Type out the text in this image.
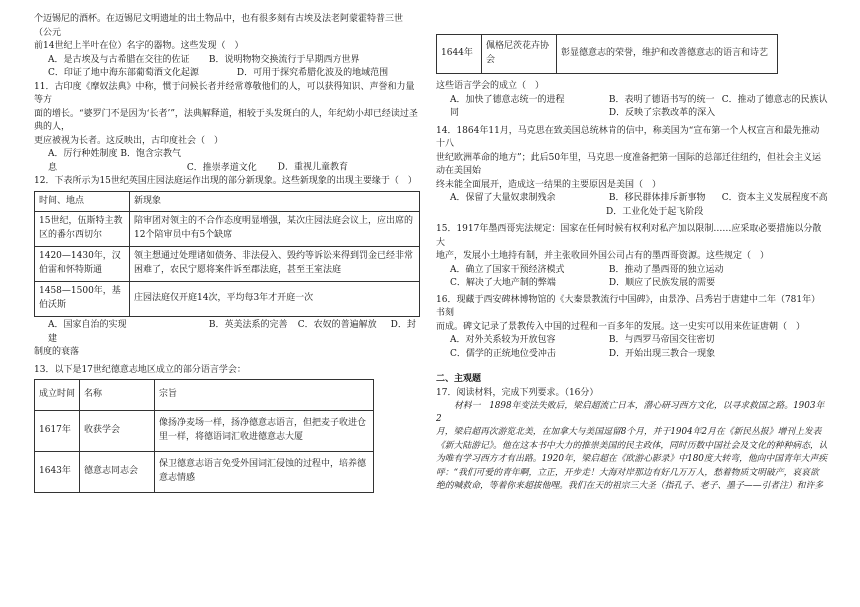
个迈锡尼的酒杯。在迈锡尼文明遗址的出土物品中，也有很多刻有古埃及法老阿蒙霍特普三世（公元

前14世纪上半叶在位）名字的器物。这些发现（　）

A．是古埃及与古希腊在交往的佐证 B．说明物物交换流行于早期西方世界
C．印证了地中海东部葡萄酒文化起源	D．可用于探究希腊化波及的地域范围

11．古印度《摩奴法典》中称，惯于问候长者并经常尊敬他们的人，可以获得知识、声誉和力量等方

面的增长。“婆罗门不是因为‘长者’”，法典解释道，相较于头发斑白的人，年纪幼小却已经读过圣典的人，

更应被视为长者。这反映出，古印度社会（　）

A．厉行种姓制度 B．饱含宗教气息	C．推崇孝道文化 D．重视儿童教育

12．下表所示为15世纪英国庄园法庭运作出现的部分新现象。这些新现象的出现主要缘于（　）

时间、地点	新现象
15世纪，伍斯特主教区的番尔西切尔	陪审团对领主的不合作态度明显增强，某次庄园法庭会议上，应出席的12个陪审员中有5个缺席
1420—1430年，汉伯雷和怀特斯通	领主想通过处理诸如债务、非法侵入、毁约等诉讼来得到罚金已经非常困难了，农民宁愿将案件诉至郡法庭，甚至王室法庭
1458—1500年，基伯沃斯	庄园法庭仅开庭14次，平均每3年才开庭一次
A．国家自治的实现	B．英美法系的完善 C．农奴的普遍解放 D．封建

制度的衰落

13．以下是17世纪德意志地区成立的部分语言学会：

成立时间	名称	宗旨
1617年	收获学会	像扬净麦场一样，扬净德意志语言，但把麦子收进仓里一样，将德语词汇收进德意志大厦
1643年	德意志同志会	保卫德意志语言免受外国词汇侵蚀的过程中，培养德意志情感
1644年	佩格尼茨花卉协会	彰显德意志的荣誉，维护和改善德意志的语言和诗艺

这些语言学会的成立（　）

A．加快了德意志统一的进程	B．表明了德语书写的统一 C．推动了德意志的民族认
同	D．反映了宗教改革的深入

14．1864年11月，马克思在致美国总统林肯的信中，称美国为“宣布第一个人权宣言和最先推动十八

世纪欧洲革命的地方”；此后50年里，马克思一度准备把第一国际的总部迁往纽约，但社会主义运动在美国始

终未能全面展开，造成这一结果的主要原因是美国（　）

A．保留了大量奴隶制残余	B．移民群体排斥新事物 C．资本主义发展程度不高
D．工业化处于起飞阶段

15．1917年墨西哥宪法规定：国家在任何时候有权利对私产加以限制……应采取必要措施以分散大

地产，发展小土地持有制，并主张收回外国公司占有的墨西哥资源。这些规定（　）

A．确立了国家干预经济模式	B．推动了墨西哥的独立运动
C．解决了大地产制的弊端	D．顺应了民族发展的需要

16．现藏于西安碑林博物馆的《大秦景教流行中国碑》，由景净、吕秀岩于唐建中二年（781年）书刻

而成。碑文记录了景教传入中国的过程和一百多年的发展。这一史实可以用来佐证唐朝（　）

A．对外关系较为开放包容	B．与西罗马帝国交往密切
C．儒学的正统地位受冲击	D．开始出现三教合一现象

二、主观题

17．阅读材料，完成下列要求。（16分）

材料一　1898年变法失败后，梁启超流亡日本，潜心研习西方文化，以寻求救国之路。1903年2

月，梁启超再次游览北美，在加拿大与美国逗留8个月，并于1904年2月在《新民丛报》增刊上发表

《新大陆游记》。他在这本书中大力的推崇美国的民主政体，同时历数中国社会及文化的种种病态，认

为唯有学习西方才有出路。1920年，梁启超在《欧游心影录》中180度大转弯，他向中国青年大声疾

呼：“我们可爱的青年啊，立正，开步走！大海对岸那边有好几万万人，愁着物质文明破产，哀哀欲

绝的喊救命，等着你来超拔他哩。我们在天的祖宗三大圣（指孔子、老子、墨子——引者注）和许多
